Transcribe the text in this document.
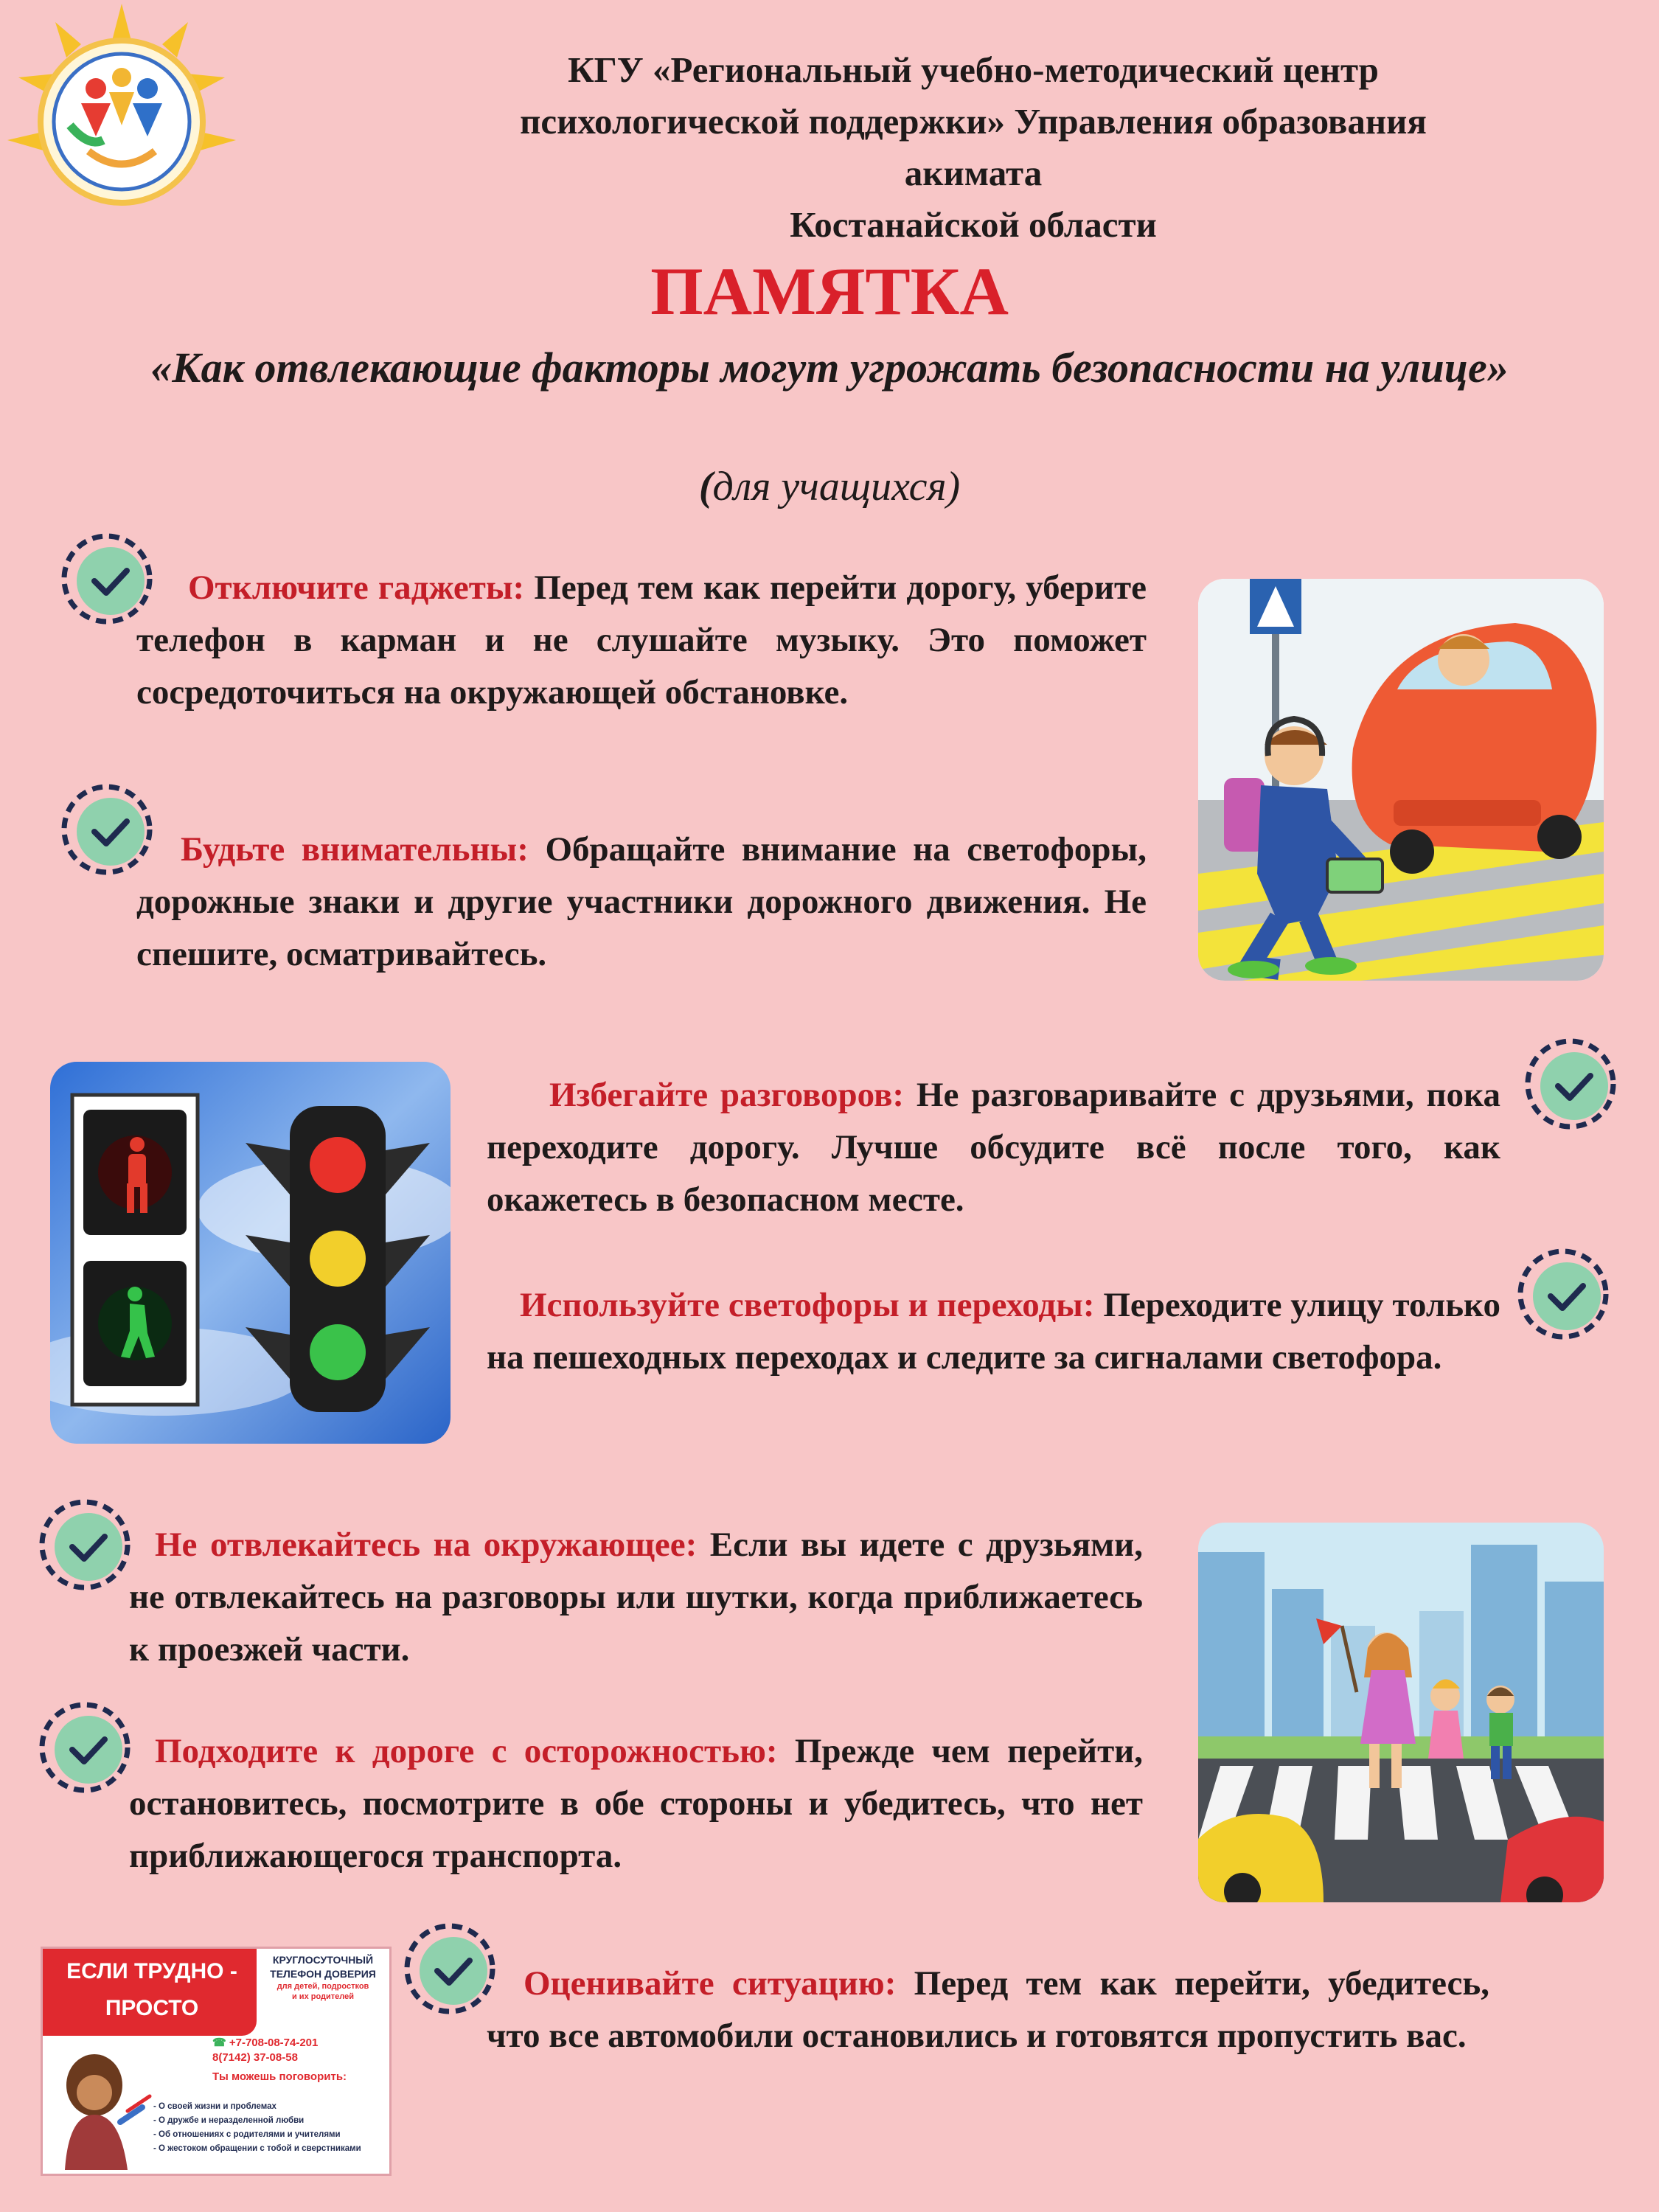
КГУ «Региональный учебно-методический центр
психологической поддержки» Управления образования
акимата
Костанайской области
ПАМЯТКА
«Как отвлекающие факторы могут угрожать безопасности на улице»
(для учащихся)
Отключите гаджеты: Перед тем как перейти дорогу, уберите телефон в карман и не слушайте музыку. Это поможет сосредоточиться на окружающей обстановке.
Будьте внимательны: Обращайте внимание на светофоры, дорожные знаки и другие участники дорожного движения. Не спешите, осматривайтесь.
Избегайте разговоров: Не разговаривайте с друзьями, пока переходите дорогу. Лучше обсудите всё после того, как окажетесь в безопасном месте.
Используйте светофоры и переходы: Переходите улицу только на пешеходных переходах и следите за сигналами светофора.
Не отвлекайтесь на окружающее: Если вы идете с друзьями, не отвлекайтесь на разговоры или шутки, когда приближаетесь к проезжей части.
Подходите к дороге с осторожностью: Прежде чем перейти, остановитесь, посмотрите в обе стороны и убедитесь, что нет приближающегося транспорта.
Оценивайте ситуацию: Перед тем как перейти, убедитесь, что все автомобили остановились и готовятся пропустить вас.
ЕСЛИ ТРУДНО -
ПРОСТО ПОЗВОНИ
КРУГЛОСУТОЧНЫЙ
ТЕЛЕФОН ДОВЕРИЯ
для детей, подростков
и их родителей
☎ +7-708-08-74-201
8(7142) 37-08-58
Ты можешь поговорить:
- О своей жизни и проблемах
- О дружбе и неразделенной любви
- Об отношениях с родителями и учителями
- О жестоком обращении с тобой и сверстниками
